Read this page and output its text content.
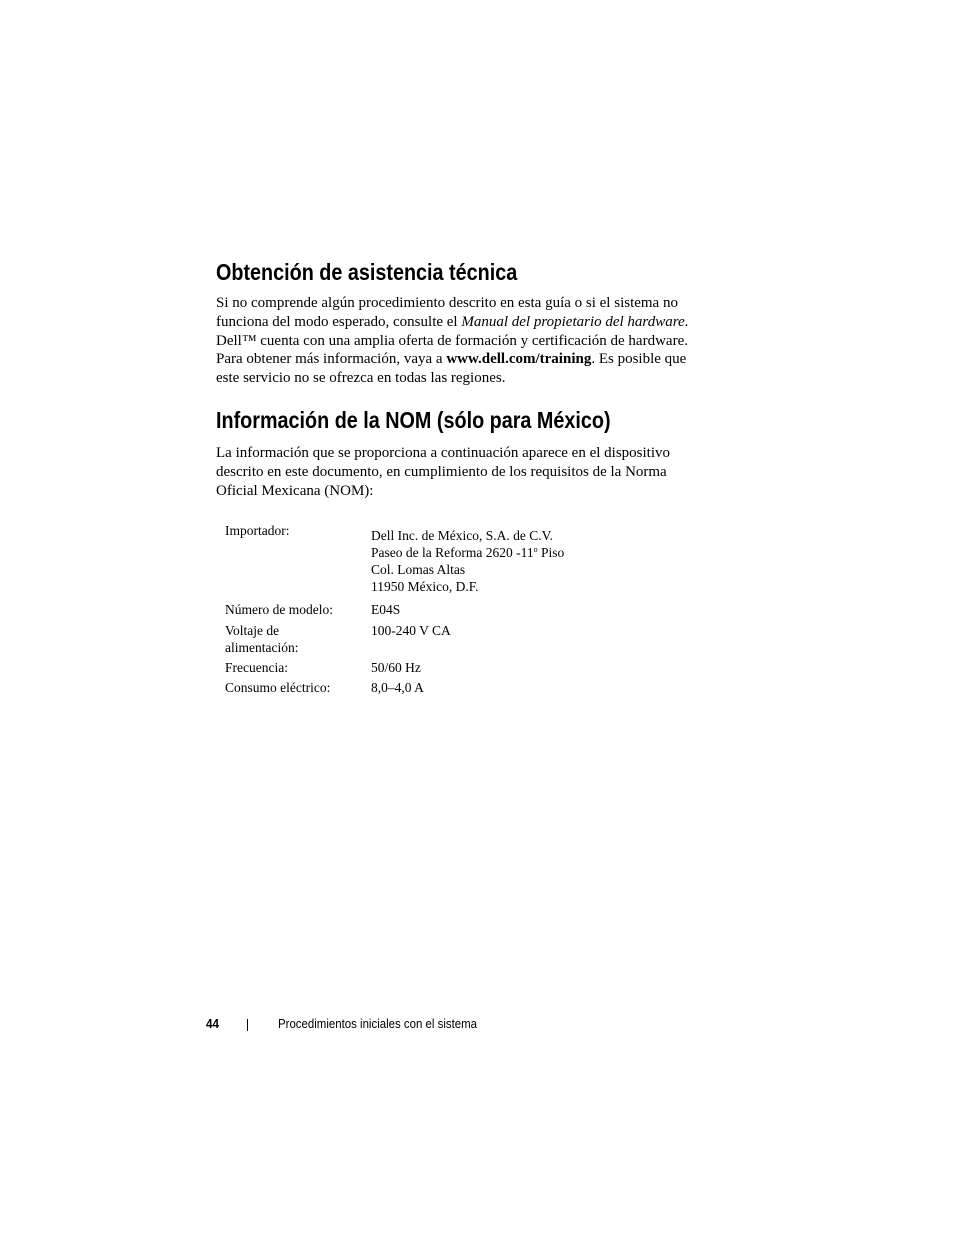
Obtención de asistencia técnica

Si no comprende algún procedimiento descrito en esta guía o si el sistema no
funciona del modo esperado, consulte el Manual del propietario del hardware.
Dell™ cuenta con una amplia oferta de formación y certificación de hardware.
Para obtener más información, vaya a www.dell.com/training. Es posible que
este servicio no se ofrezca en todas las regiones.

Información de la NOM (sólo para México)

La información que se proporciona a continuación aparece en el dispositivo
descrito en este documento, en cumplimiento de los requisitos de la Norma
Oficial Mexicana (NOM):

Importador:	Dell Inc. de México, S.A. de C.V.
Paseo de la Reforma 2620 -11$^o$ Piso
Col. Lomas Altas
11950 México, D.F.
Número de modelo:	E04S
Voltaje de
alimentación:
100-240 V CA
Frecuencia:	50/60 Hz
Consumo eléctrico:	8,0–4,0 A
44	Procedimientos iniciales con el sistema
